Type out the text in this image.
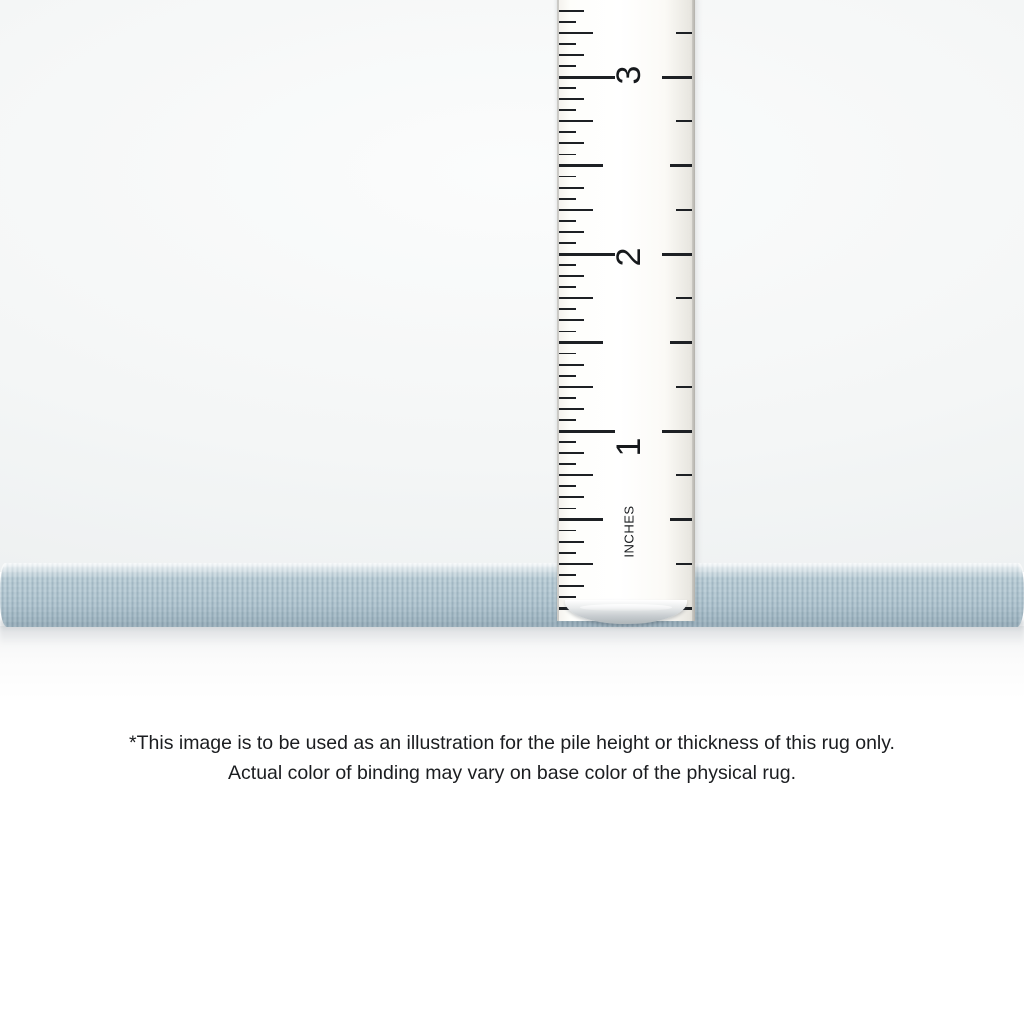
1
2
3
INCHES
*This image is to be used as an illustration for the pile height or thickness of this rug only.
Actual color of binding may vary on base color of the physical rug.
